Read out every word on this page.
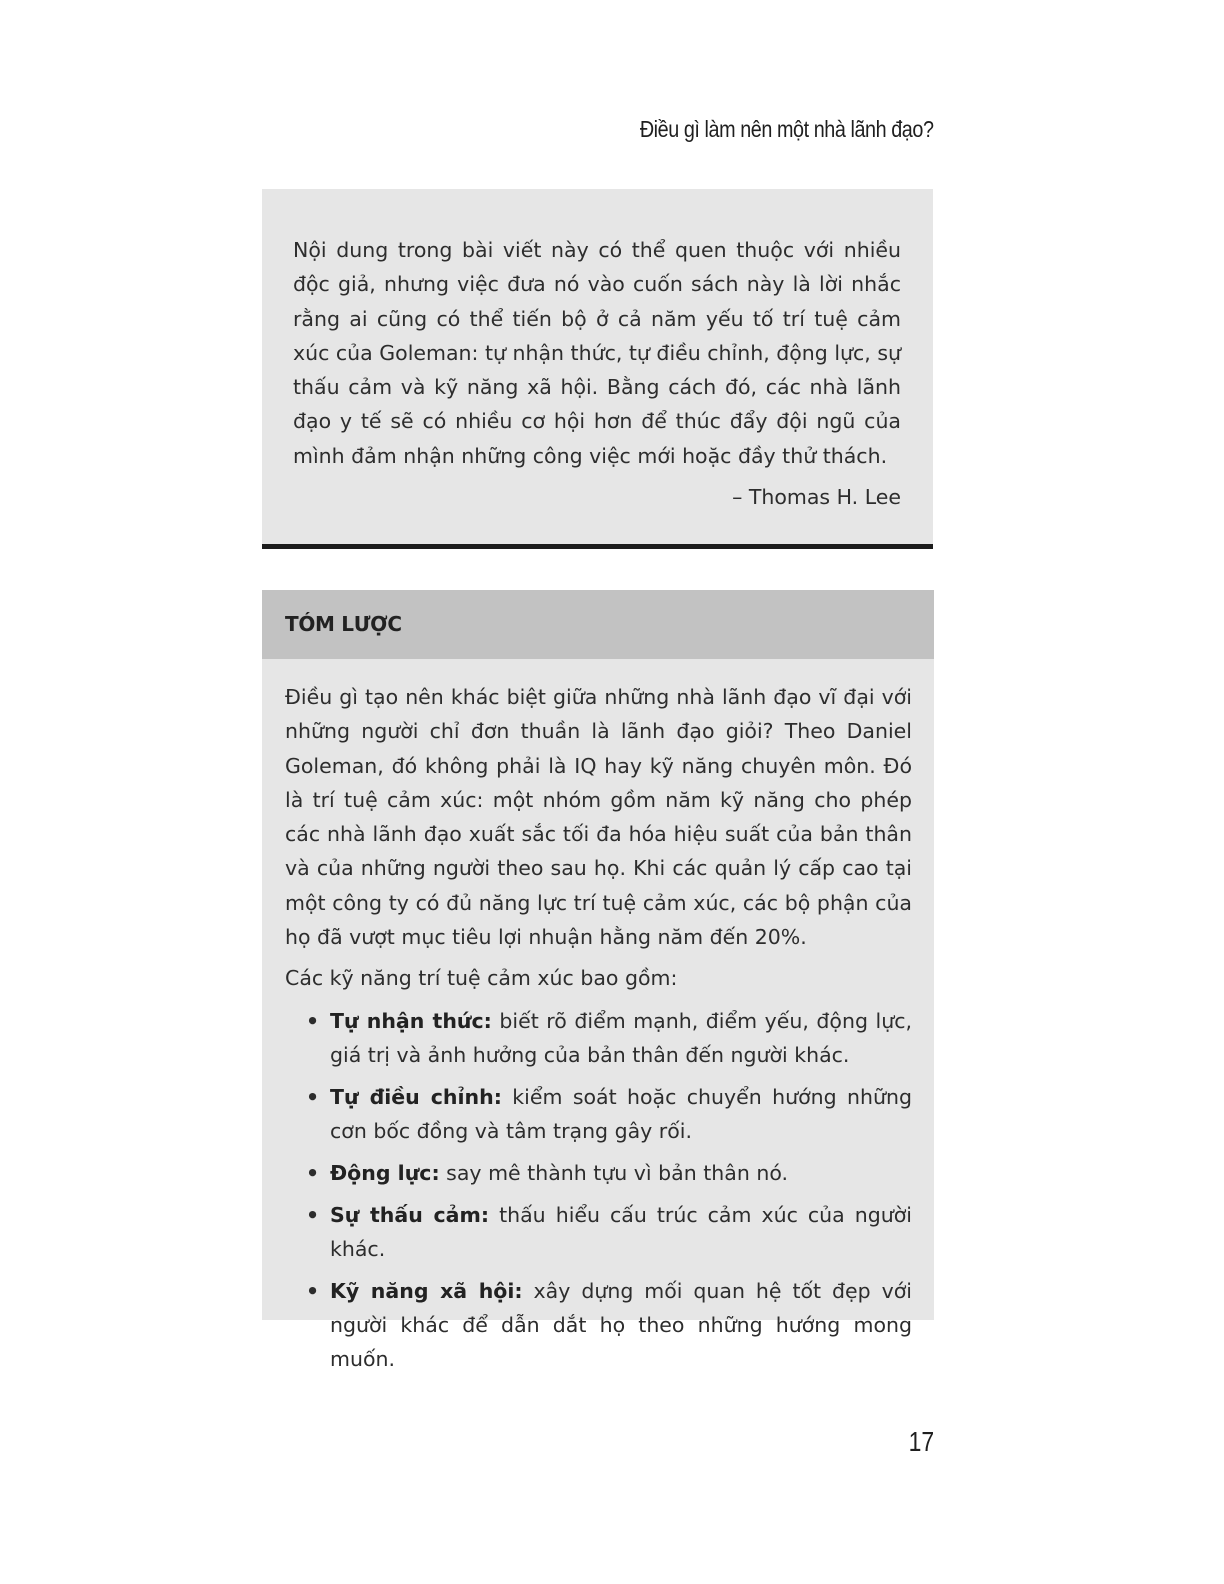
Điều gì làm nên một nhà lãnh đạo?

Nội dung trong bài viết này có thể quen thuộc với nhiều độc giả, nhưng việc đưa nó vào cuốn sách này là lời nhắc rằng ai cũng có thể tiến bộ ở cả năm yếu tố trí tuệ cảm xúc của Goleman: tự nhận thức, tự điều chỉnh, động lực, sự thấu cảm và kỹ năng xã hội. Bằng cách đó, các nhà lãnh đạo y tế sẽ có nhiều cơ hội hơn để thúc đẩy đội ngũ của mình đảm nhận những công việc mới hoặc đầy thử thách.

– Thomas H. Lee
TÓM LƯỢC

Điều gì tạo nên khác biệt giữa những nhà lãnh đạo vĩ đại với những người chỉ đơn thuần là lãnh đạo giỏi? Theo Daniel Goleman, đó không phải là IQ hay kỹ năng chuyên môn. Đó là trí tuệ cảm xúc: một nhóm gồm năm kỹ năng cho phép các nhà lãnh đạo xuất sắc tối đa hóa hiệu suất của bản thân và của những người theo sau họ. Khi các quản lý cấp cao tại một công ty có đủ năng lực trí tuệ cảm xúc, các bộ phận của họ đã vượt mục tiêu lợi nhuận hằng năm đến 20%.

Các kỹ năng trí tuệ cảm xúc bao gồm:

• Tự nhận thức: biết rõ điểm mạnh, điểm yếu, động lực, giá trị và ảnh hưởng của bản thân đến người khác.
• Tự điều chỉnh: kiểm soát hoặc chuyển hướng những cơn bốc đồng và tâm trạng gây rối.
• Động lực: say mê thành tựu vì bản thân nó.
• Sự thấu cảm: thấu hiểu cấu trúc cảm xúc của người khác.
• Kỹ năng xã hội: xây dựng mối quan hệ tốt đẹp với người khác để dẫn dắt họ theo những hướng mong muốn.
17
